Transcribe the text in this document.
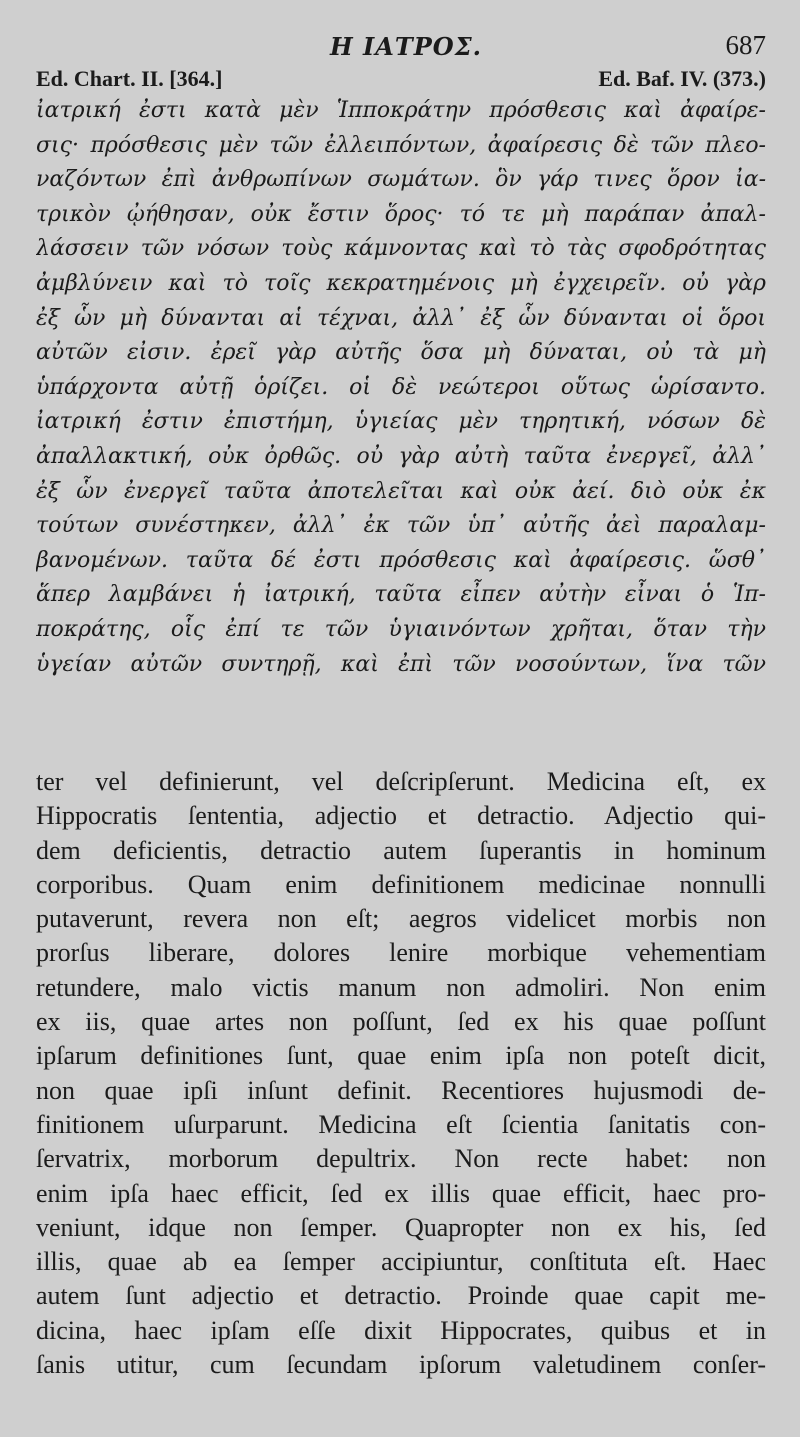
Η ΙΑΤΡΟΣ.	687
Ed. Chart. II. [364.]	Ed. Baf. IV. (373.)
ἰατρική ἐστι κατὰ μὲν Ἱπποκράτην πρόσθεσις καὶ ἀφαίρε-
σις· πρόσθεσις μὲν τῶν ἐλλειπόντων, ἀφαίρεσις δὲ τῶν πλεο-
ναζόντων ἐπὶ ἀνθρωπίνων σωμάτων. ὃν γάρ τινες ὅρον ἰα-
τρικὸν ᾠήθησαν, οὐκ ἔστιν ὅρος· τό τε μὴ παράπαν ἀπαλ-
λάσσειν τῶν νόσων τοὺς κάμνοντας καὶ τὸ τὰς σφοδρότητας
ἀμβλύνειν καὶ τὸ τοῖς κεκρατημένοις μὴ ἐγχειρεῖν. οὐ γὰρ
ἐξ ὧν μὴ δύνανται αἱ τέχναι, ἀλλ᾽ ἐξ ὧν δύνανται οἱ ὅροι
αὐτῶν εἰσιν. ἐρεῖ γὰρ αὐτῆς ὅσα μὴ δύναται, οὐ τὰ μὴ
ὑπάρχοντα αὐτῇ ὁρίζει. οἱ δὲ νεώτεροι οὕτως ὡρίσαντο.
ἰατρική ἐστιν ἐπιστήμη, ὑγιείας μὲν τηρητική, νόσων δὲ
ἀπαλλακτική, οὐκ ὀρθῶς. οὐ γὰρ αὐτὴ ταῦτα ἐνεργεῖ, ἀλλ᾽
ἐξ ὧν ἐνεργεῖ ταῦτα ἀποτελεῖται καὶ οὐκ ἀεί. διὸ οὐκ ἐκ
τούτων συνέστηκεν, ἀλλ᾽ ἐκ τῶν ὑπ᾽ αὐτῆς ἀεὶ παραλαμ-
βανομένων. ταῦτα δέ ἐστι πρόσθεσις καὶ ἀφαίρεσις. ὥσθ᾽
ἅπερ λαμβάνει ἡ ἰατρική, ταῦτα εἶπεν αὐτὴν εἶναι ὁ Ἱπ-
ποκράτης, οἷς ἐπί τε τῶν ὑγιαινόντων χρῆται, ὅταν τὴν
ὑγείαν αὐτῶν συντηρῇ, καὶ ἐπὶ τῶν νοσούντων, ἵνα τῶν
ter vel definierunt, vel deſcripſerunt. Medicina eſt, ex
Hippocratis ſententia, adjectio et detractio. Adjectio qui-
dem deficientis, detractio autem ſuperantis in hominum
corporibus. Quam enim definitionem medicinae nonnulli
putaverunt, revera non eſt; aegros videlicet morbis non
prorſus liberare, dolores lenire morbique vehementiam
retundere, malo victis manum non admoliri. Non enim
ex iis, quae artes non poſſunt, ſed ex his quae poſſunt
ipſarum definitiones ſunt, quae enim ipſa non poteſt dicit,
non quae ipſi inſunt definit. Recentiores hujusmodi de-
finitionem uſurparunt. Medicina eſt ſcientia ſanitatis con-
ſervatrix, morborum depultrix. Non recte habet: non
enim ipſa haec efficit, ſed ex illis quae efficit, haec pro-
veniunt, idque non ſemper. Quapropter non ex his, ſed
illis, quae ab ea ſemper accipiuntur, conſtituta eſt. Haec
autem ſunt adjectio et detractio. Proinde quae capit me-
dicina, haec ipſam eſſe dixit Hippocrates, quibus et in
ſanis utitur, cum ſecundam ipſorum valetudinem conſer-
